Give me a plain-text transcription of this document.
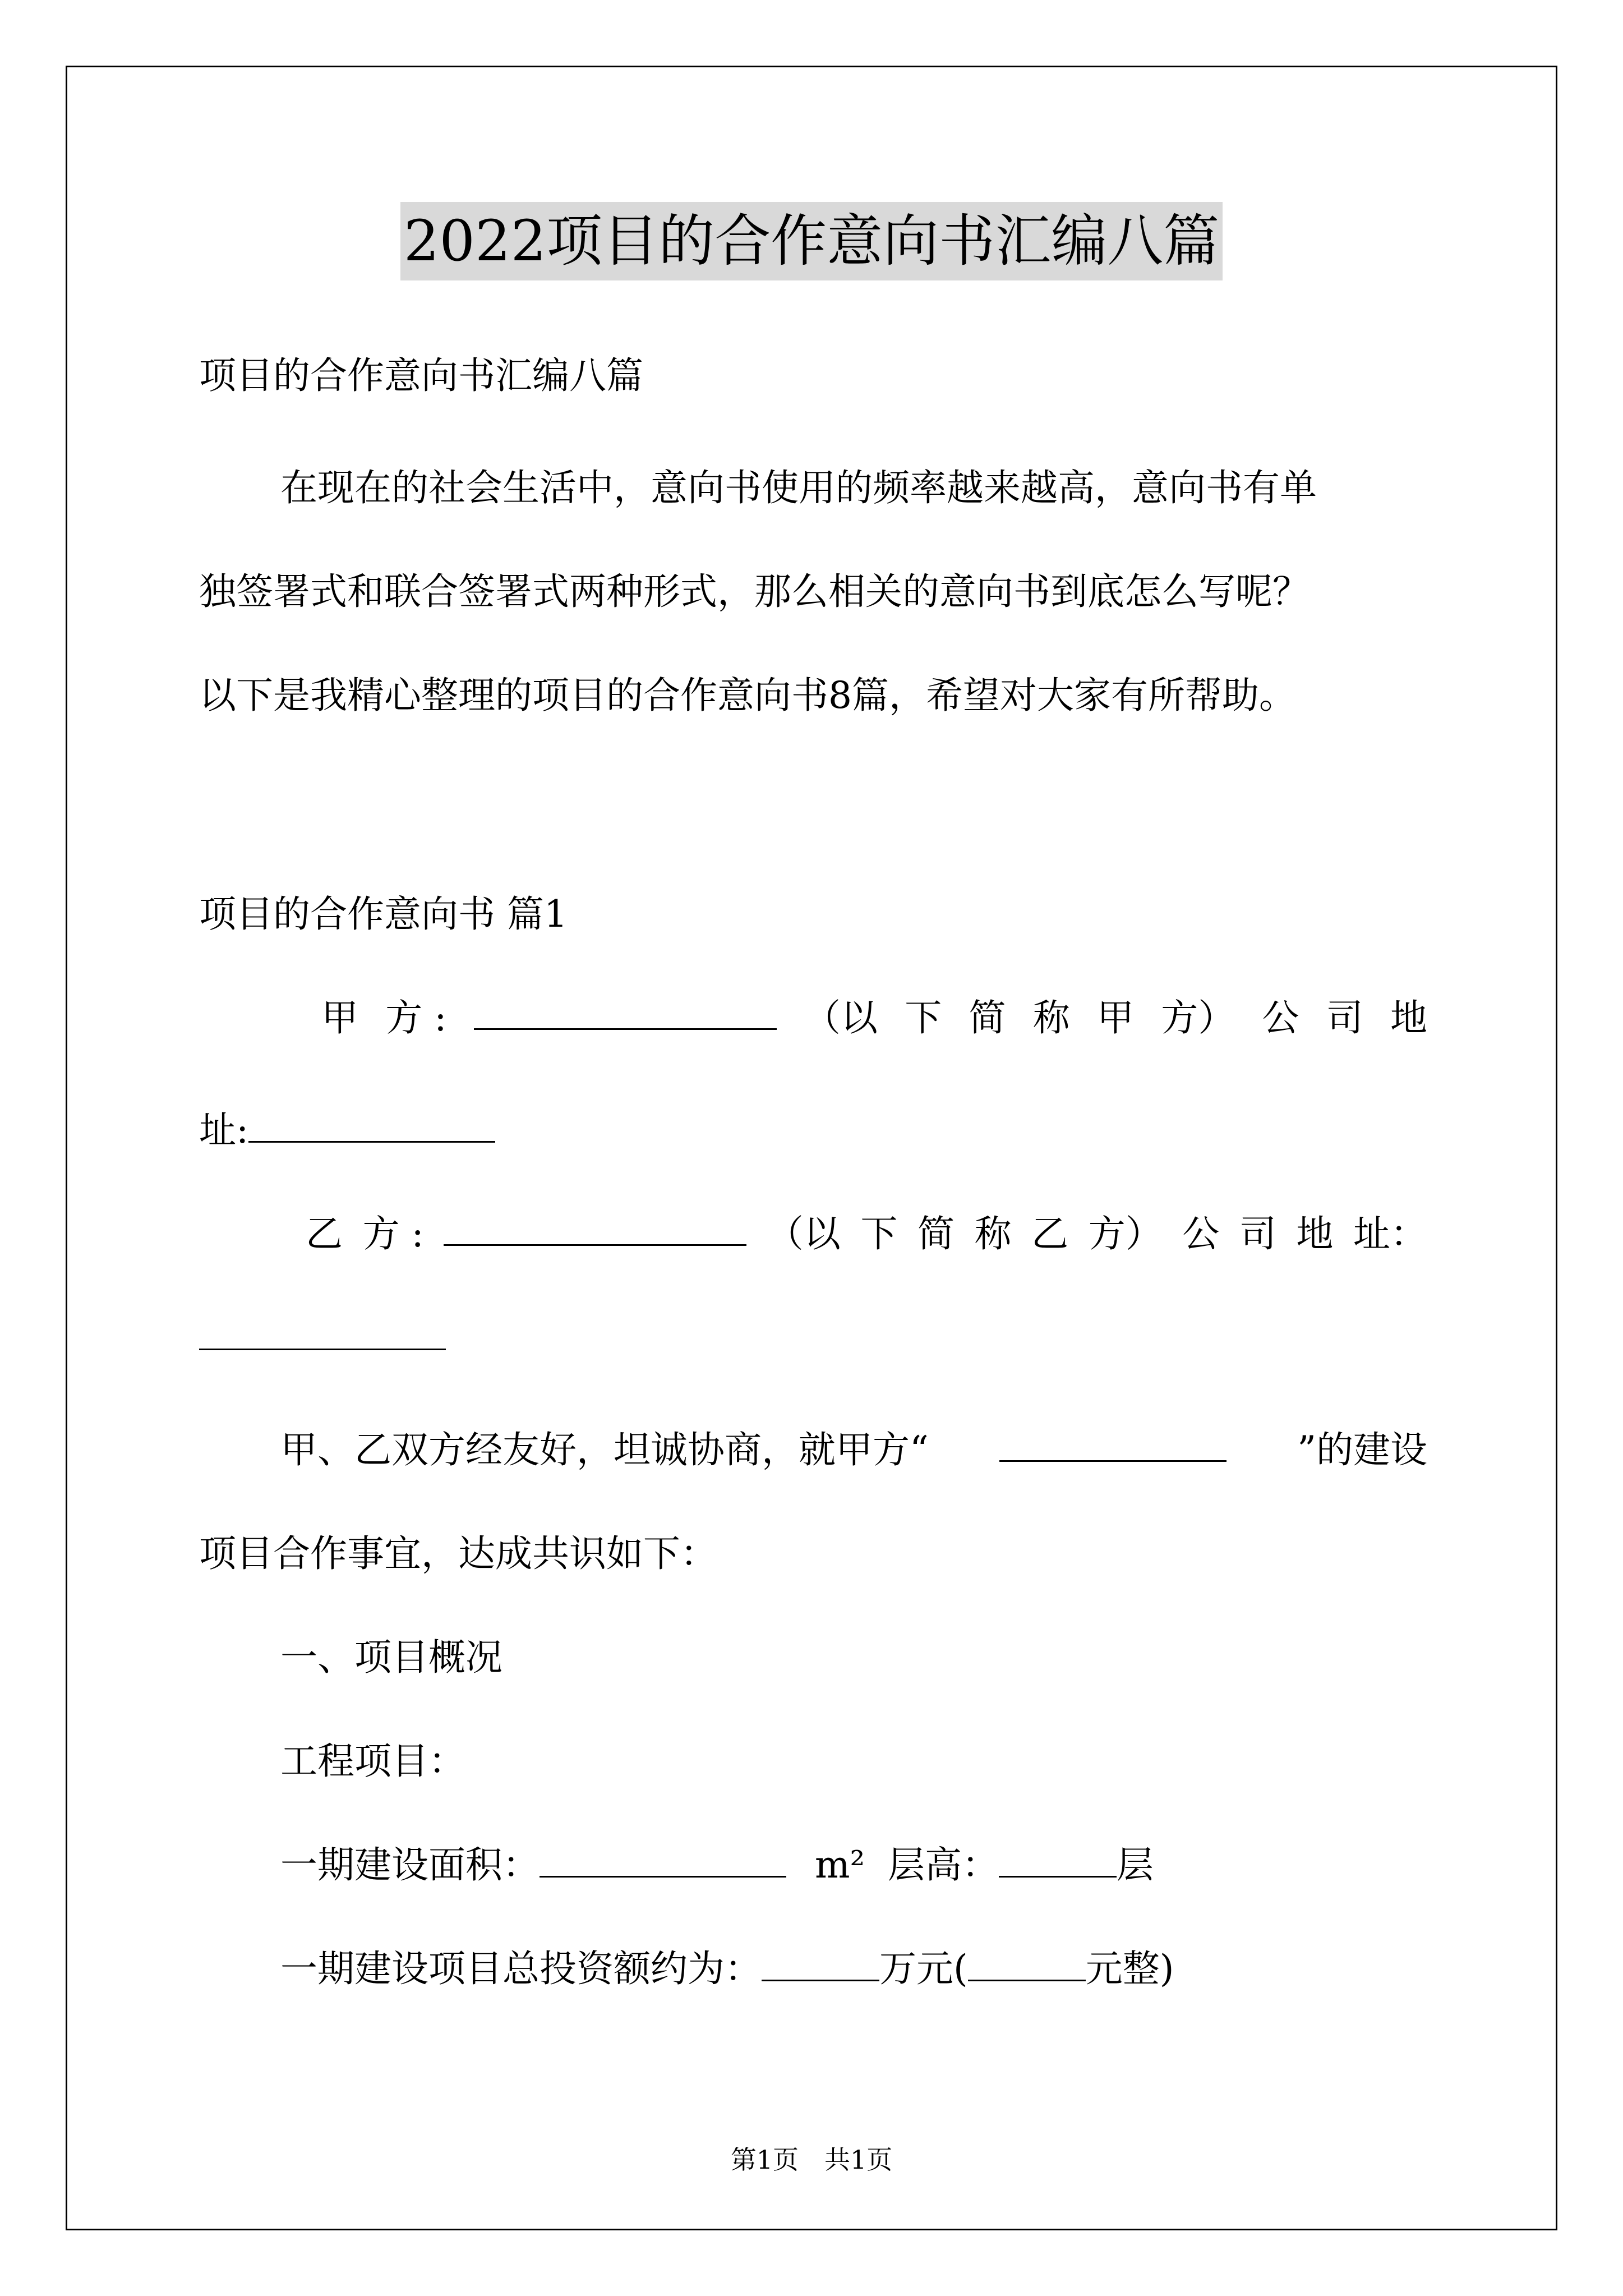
2022项目的合作意向书汇编八篇
项目的合作意向书汇编八篇
在现在的社会生活中，意向书使用的频率越来越高，意向书有单
独签署式和联合签署式两种形式，那么相关的意向书到底怎么写呢？
以下是我精心整理的项目的合作意向书8篇，希望对大家有所帮助。
项目的合作意向书 篇1
甲 方 :	（以 下 简 称 甲 方） 公 司 地
址:
乙 方 :	（以 下 简 称 乙 方） 公 司 地 址：
甲、乙双方经友好，坦诚协商，就甲方“	”的建设
项目合作事宜，达成共识如下：
一、项目概况
工程项目：
一期建设面积：	m² 层高：	层
一期建设项目总投资额约为：	万元(	元整)
第1页　共1页
